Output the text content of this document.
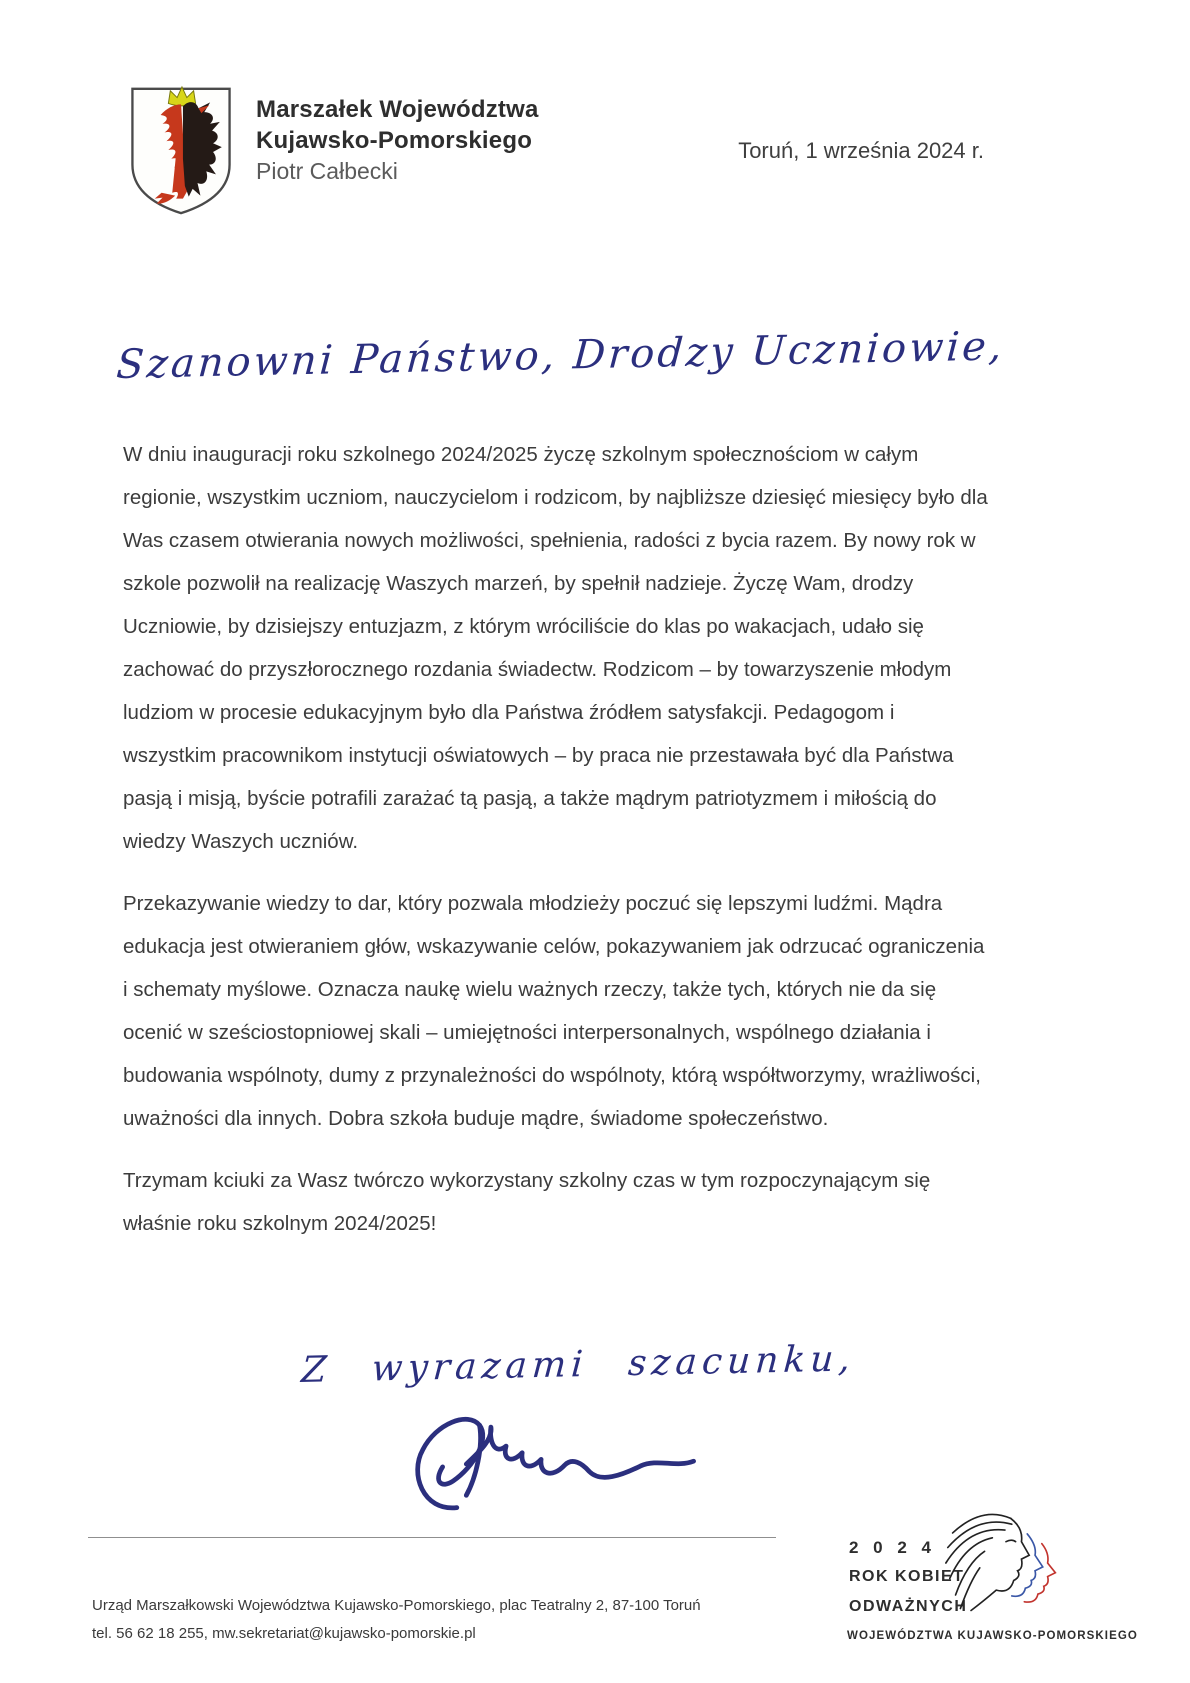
Marszałek Województwa
Kujawsko-Pomorskiego
Piotr Całbecki
Toruń, 1 września 2024 r.
Szanowni Państwo, Drodzy Uczniowie,

W dniu inauguracji roku szkolnego 2024/2025 życzę szkolnym społecznościom w całym regionie, wszystkim uczniom, nauczycielom i rodzicom, by najbliższe dziesięć miesięcy było dla Was czasem otwierania nowych możliwości, spełnienia, radości z bycia razem. By nowy rok w szkole pozwolił na realizację Waszych marzeń, by spełnił nadzieje. Życzę Wam, drodzy Uczniowie, by dzisiejszy entuzjazm, z którym wróciliście do klas po wakacjach, udało się zachować do przyszłorocznego rozdania świadectw. Rodzicom – by towarzyszenie młodym ludziom w procesie edukacyjnym było dla Państwa źródłem satysfakcji. Pedagogom i wszystkim pracownikom instytucji oświatowych – by praca nie przestawała być dla Państwa pasją i misją, byście potrafili zarażać tą pasją, a także mądrym patriotyzmem i miłością do wiedzy Waszych uczniów.

Przekazywanie wiedzy to dar, który pozwala młodzieży poczuć się lepszymi ludźmi. Mądra edukacja jest otwieraniem głów, wskazywanie celów, pokazywaniem jak odrzucać ograniczenia i schematy myślowe. Oznacza naukę wielu ważnych rzeczy, także tych, których nie da się ocenić w sześciostopniowej skali – umiejętności interpersonalnych, wspólnego działania i budowania wspólnoty, dumy z przynależności do wspólnoty, którą współtworzymy, wrażliwości, uważności dla innych. Dobra szkoła buduje mądre, świadome społeczeństwo.

Trzymam kciuki za Wasz twórczo wykorzystany szkolny czas w tym rozpoczynającym się właśnie roku szkolnym 2024/2025!

Z wyrazami szacunku,
Urząd Marszałkowski Województwa Kujawsko-Pomorskiego, plac Teatralny 2, 87-100 Toruń
tel. 56 62 18 255, mw.sekretariat@kujawsko-pomorskie.pl
2 0 2 4
ROK KOBIET
ODWAŻNYCH
WOJEWÓDZTWA KUJAWSKO-POMORSKIEGO
